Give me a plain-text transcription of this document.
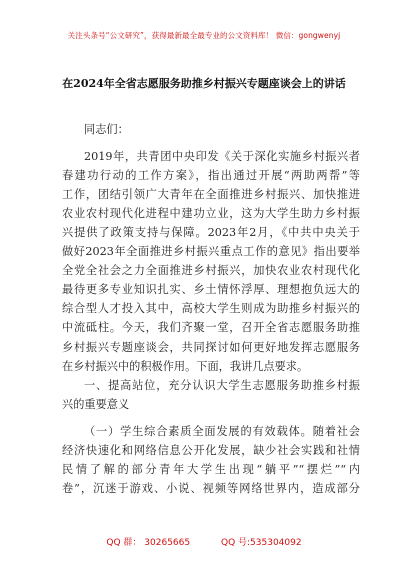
关注头条号“公文研究”，获得最新最全最专业的公文资料库！ 微信：gongwenyj
在2024年全省志愿服务助推乡村振兴专题座谈会上的讲话
同志们：
2019年，共青团中央印发《关于深化实施乡村振兴者
春建功行动的工作方案》，指出通过开展“两助两帮”等
工作，团结引领广大青年在全面推进乡村振兴、加快推进
农业农村现代化进程中建功立业，这为大学生助力乡村振
兴提供了政策支持与保障。2023年2月，《中共中央关于
做好2023年全面推进乡村振兴重点工作的意见》指出要举
全党全社会之力全面推进乡村振兴，加快农业农村现代化
最待更多专业知识扎实、乡土情怀浮厚、理想抱负远大的
综合型人才投入其中，高校大学生则成为助推乡村振兴的
中流砥柱。今天，我们齐聚一堂，召开全省志愿服务助推
乡村振兴专题座谈会，共同探讨如何更好地发挥志愿服务
在乡村振兴中的积极作用。下面，我讲几点要求。
一、提高站位，充分认识大学生志愿服务助推乡村振
兴的重要意义
（一）学生综合素质全面发展的有效载体。随着社会
经济快速化和网络信息公开化发展，缺少社会实践和社情
民情了解的部分青年大学生出现“躺平”“摆烂”“内
卷”，沉迷于游戏、小说、视频等网络世界内，造成部分
QQ 群： 30265665	QQ 号:535304092
